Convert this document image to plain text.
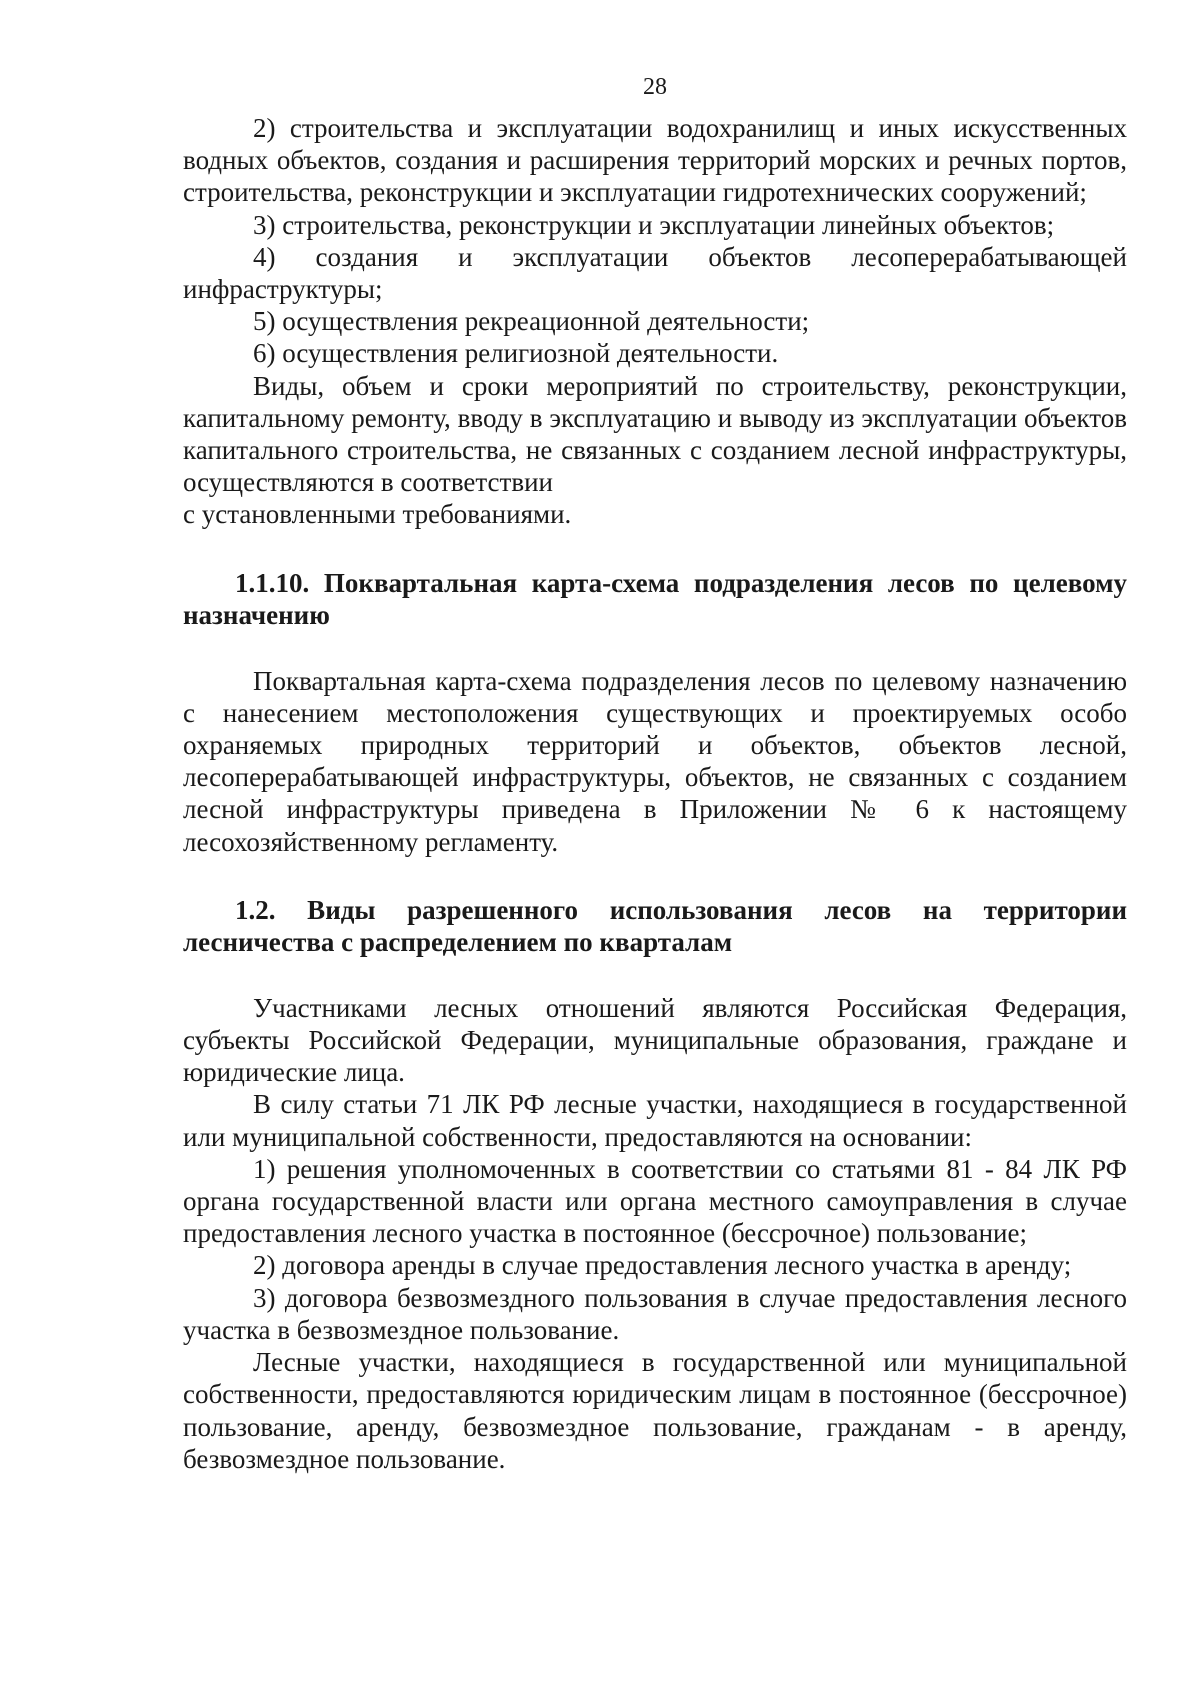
28

2) строительства и эксплуатации водохранилищ и иных искусственных водных объектов, создания и расширения территорий морских и речных портов, строительства, реконструкции и эксплуатации гидротехнических сооружений;

3) строительства, реконструкции и эксплуатации линейных объектов;

4) создания и эксплуатации объектов лесоперерабатывающей инфраструктуры;

5) осуществления рекреационной деятельности;

6) осуществления религиозной деятельности.

Виды, объем и сроки мероприятий по строительству, реконструкции, капитальному ремонту, вводу в эксплуатацию и выводу из эксплуатации объектов капитального строительства, не связанных с созданием лесной инфраструктуры, осуществляются в соответствии

с установленными требованиями.

1.1.10. Поквартальная карта-схема подразделения лесов по целевому назначению

Поквартальная карта-схема подразделения лесов по целевому назначению с нанесением местоположения существующих и проектируемых особо охраняемых природных территорий и объектов, объектов лесной, лесоперерабатывающей инфраструктуры, объектов, не связанных с созданием лесной инфраструктуры приведена в Приложении № 6 к настоящему лесохозяйственному регламенту.

1.2. Виды разрешенного использования лесов на территории лесничества с распределением по кварталам

Участниками лесных отношений являются Российская Федерация, субъекты Российской Федерации, муниципальные образования, граждане и юридические лица.

В силу статьи 71 ЛК РФ лесные участки, находящиеся в государственной или муниципальной собственности, предоставляются на основании:

1) решения уполномоченных в соответствии со статьями 81 - 84 ЛК РФ органа государственной власти или органа местного самоуправления в случае предоставления лесного участка в постоянное (бессрочное) пользование;

2) договора аренды в случае предоставления лесного участка в аренду;

3) договора безвозмездного пользования в случае предоставления лесного участка в безвозмездное пользование.

Лесные участки, находящиеся в государственной или муниципальной собственности, предоставляются юридическим лицам в постоянное (бессрочное) пользование, аренду, безвозмездное пользование, гражданам - в аренду, безвозмездное пользование.
